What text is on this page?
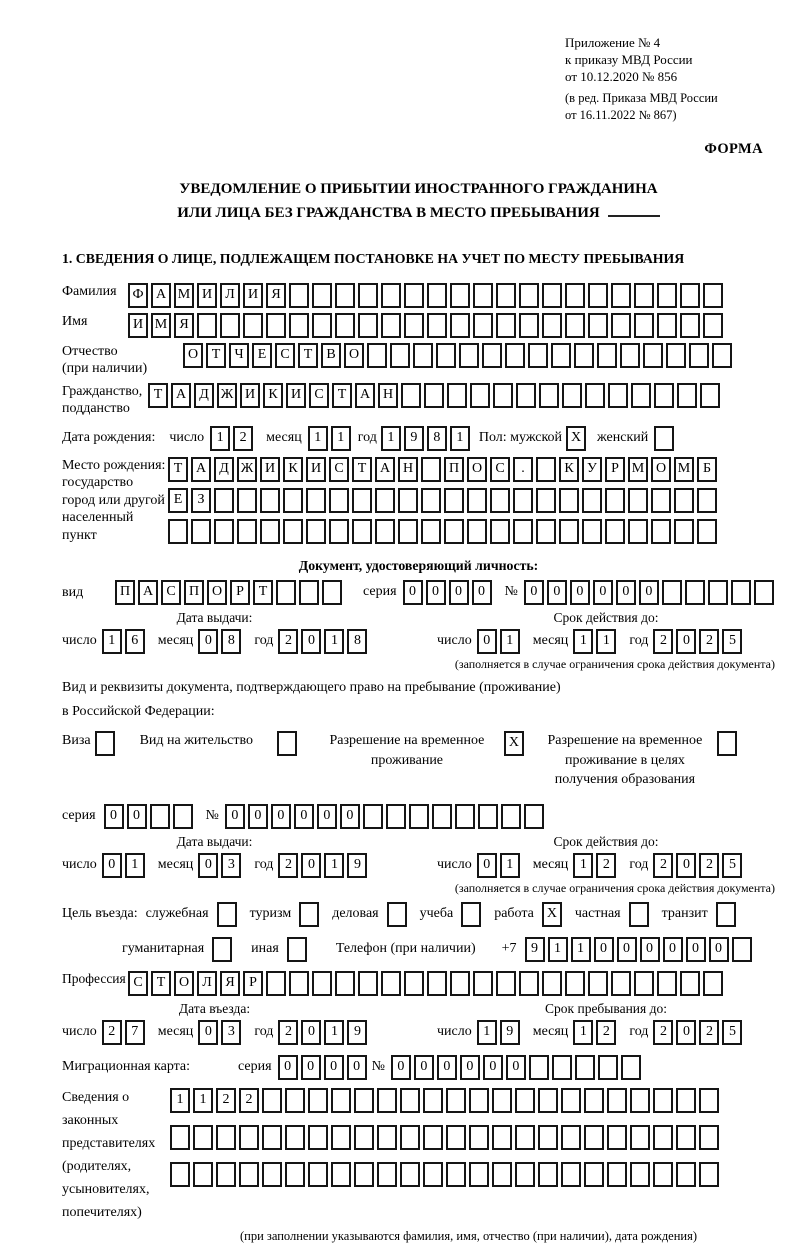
Приложение № 4
к приказу МВД России
от 10.12.2020 № 856
(в ред. Приказа МВД России
от 16.11.2022 № 867)
ФОРМА
УВЕДОМЛЕНИЕ О ПРИБЫТИИ ИНОСТРАННОГО ГРАЖДАНИНА
ИЛИ ЛИЦА БЕЗ ГРАЖДАНСТВА В МЕСТО ПРЕБЫВАНИЯ
1. СВЕДЕНИЯ О ЛИЦЕ, ПОДЛЕЖАЩЕМ ПОСТАНОВКЕ НА УЧЕТ ПО МЕСТУ ПРЕБЫВАНИЯ
Фамилия	Ф А М И Л И Я
Имя	И М Я
Отчество
(при наличии)
О Т	Ч	Е	С	Т	В О
Гражданство,
подданство
Т А Д Ж И К И С	Т А Н
Дата рождения: число 1	2	месяц 1	1 год 1	9	8	1	Пол: мужской X	женский
Место рождения:
государство
город или другой
населенный пункт
Т А Д Ж И К И С	Т А Н	П О С	.	К У	Р М О М Б

Е	З

Документ, удостоверяющий личность:
вид	П А С П О	Р	Т	серия 0	0	0	0	№ 0	0	0	0	0	0
Дата выдачи:
число 1	6	месяц 0	8	год 2	0	1	8
Срок действия до:
число 0	1	месяц 1	1	год 2	0	2	5
(заполняется в случае ограничения срока действия документа)
Вид и реквизиты документа, подтверждающего право на пребывание (проживание)
в Российской Федерации:
Виза	Вид на жительство	Разрешение на временное проживание
X	Разрешение на временное проживание в целях получения образования
серия	0	0	№ 0	0	0	0	0	0
Дата выдачи:
число 0	1	месяц 0	3	год 2	0	1	9
Срок действия до:
число 0	1	месяц 1	2	год 2	0	2	5
(заполняется в случае ограничения срока действия документа)
Цель въезда: служебная	туризм	деловая	учеба	работа X	частная	транзит
гуманитарная	иная	Телефон (при наличии) +7	9	1	1	0	0	0	0	0	0
Профессия С	Т О Л Я	Р
Дата въезда:
число 2	7	месяц 0	3	год 2	0	1	9
Срок пребывания до:
число 1	9	месяц 1	2	год 2	0	2	5
Миграционная карта:	серия 0	0	0	0 № 0	0	0	0	0	0
Сведения о
законных
представителях
(родителях,
усыновителях,
попечителях)
1	1	2	2

(при заполнении указываются фамилия, имя, отчество (при наличии), дата рождения)
